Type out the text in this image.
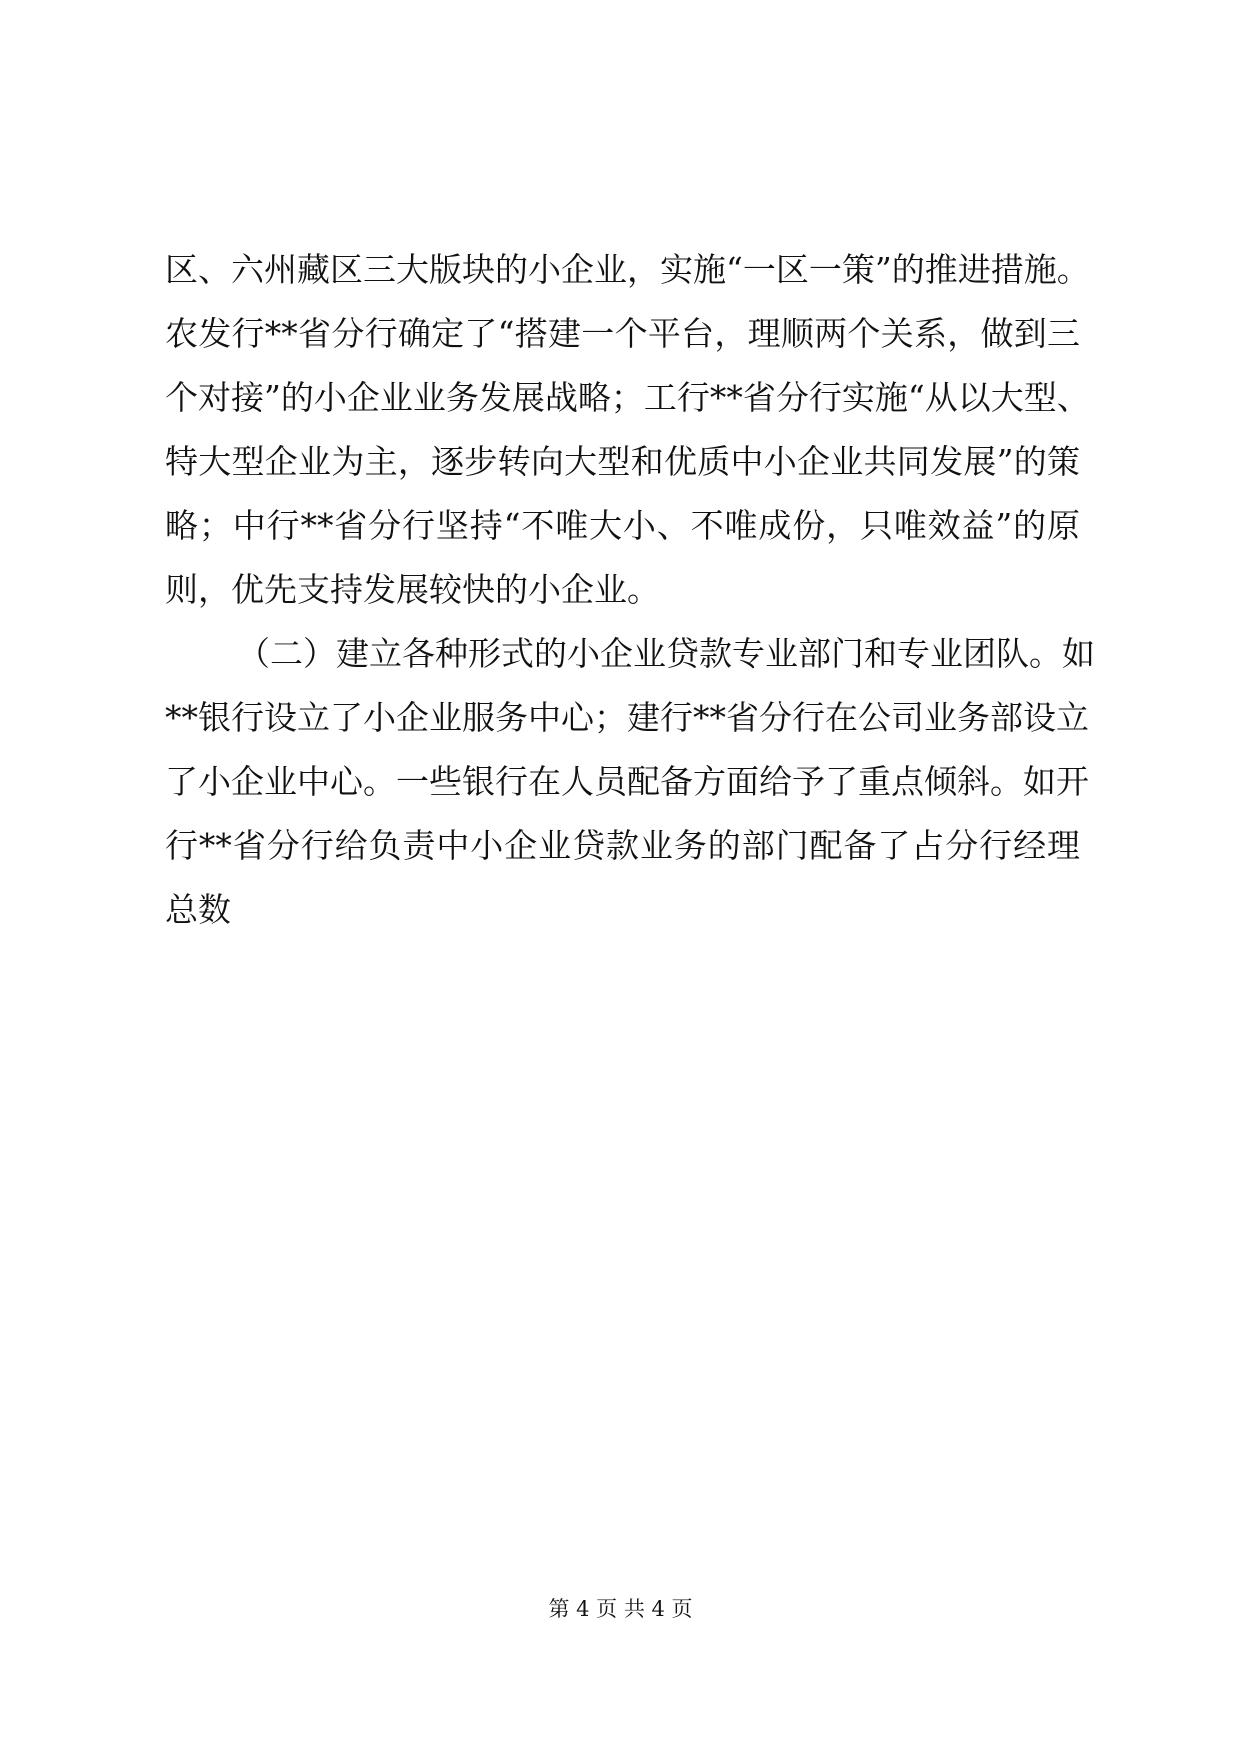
区、六州藏区三大版块的小企业，实施“一区一策”的推进措施。
农发行**省分行确定了“搭建一个平台，理顺两个关系，做到三
个对接”的小企业业务发展战略；工行**省分行实施“从以大型、
特大型企业为主，逐步转向大型和优质中小企业共同发展”的策
略；中行**省分行坚持“不唯大小、不唯成份，只唯效益”的原
则，优先支持发展较快的小企业。
（二）建立各种形式的小企业贷款专业部门和专业团队。如
**银行设立了小企业服务中心；建行**省分行在公司业务部设立
了小企业中心。一些银行在人员配备方面给予了重点倾斜。如开
行**省分行给负责中小企业贷款业务的部门配备了占分行经理
总数
第 4 页 共 4 页
